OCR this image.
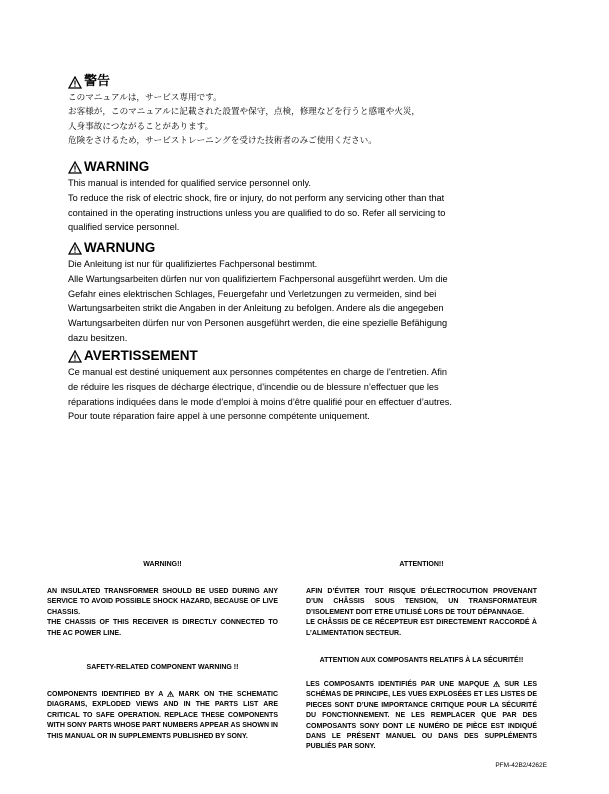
警告

このマニュアルは，サービス専用です。

お客様が，このマニュアルに記載された設置や保守，点検，修理などを行うと感電や火災，

人身事故につながることがあります。

危険をさけるため，サービストレーニングを受けた技術者のみご使用ください。

WARNING

This manual is intended for qualified service personnel only.

To reduce the risk of electric shock, fire or injury, do not perform any servicing other than that

contained in the operating instructions unless you are qualified to do so. Refer all servicing to

qualified service personnel.

WARNUNG

Die Anleitung ist nur für qualifiziertes Fachpersonal bestimmt.

Alle Wartungsarbeiten dürfen nur von qualifiziertem Fachpersonal ausgeführt werden. Um die

Gefahr eines elektrischen Schlages, Feuergefahr und Verletzungen zu vermeiden, sind bei

Wartungsarbeiten strikt die Angaben in der Anleitung zu befolgen. Andere als die angegeben

Wartungsarbeiten dürfen nur von Personen ausgeführt werden, die eine spezielle Befähigung

dazu besitzen.

AVERTISSEMENT

Ce manual est destiné uniquement aux personnes compétentes en charge de l’entretien. Afin

de réduire les risques de décharge électrique, d’incendie ou de blessure n’effectuer que les

réparations indiquées dans le mode d’emploi à moins d’être qualifié pour en effectuer d’autres.

Pour toute réparation faire appel à une personne compétente uniquement.

WARNING!!

AN INSULATED TRANSFORMER SHOULD BE USED DURING ANY SERVICE TO AVOID POSSIBLE SHOCK HAZARD, BECAUSE OF LIVE CHASSIS.

THE CHASSIS OF THIS RECEIVER IS DIRECTLY CONNECTED TO THE AC POWER LINE.

SAFETY-RELATED COMPONENT WARNING !!

COMPONENTS IDENTIFIED BY A MARK ON THE SCHEMATIC DIAGRAMS, EXPLODED VIEWS AND IN THE PARTS LIST ARE CRITICAL TO SAFE OPERATION. REPLACE THESE COMPONENTS WITH SONY PARTS WHOSE PART NUMBERS APPEAR AS SHOWN IN THIS MANUAL OR IN SUPPLEMENTS PUBLISHED BY SONY.

ATTENTION!!

AFIN D’ÉVITER TOUT RISQUE D’ÉLECTROCUTION PROVENANT D’UN CHÂSSIS SOUS TENSION, UN TRANSFORMATEUR D’ISOLEMENT DOIT ETRE UTILISÉ LORS DE TOUT DÉPANNAGE.

LE CHÂSSIS DE CE RÉCEPTEUR EST DIRECTEMENT RACCORDÉ À L’ALIMENTATION SECTEUR.

ATTENTION AUX COMPOSANTS RELATIFS À LA SÉCURITÉ!!

LES COMPOSANTS IDENTIFIÉS PAR UNE MAPQUE SUR LES SCHÉMAS DE PRINCIPE, LES VUES EXPLOSÉES ET LES LISTES DE PIECES SONT D’UNE IMPORTANCE CRITIQUE POUR LA SÉCURITÉ DU FONCTIONNEMENT. NE LES REMPLACER QUE PAR DES COMPOSANTS SONY DONT LE NUMÉRO DE PIÈCE EST INDIQUÉ DANS LE PRÉSENT MANUEL OU DANS DES SUPPLÉMENTS PUBLIÉS PAR SONY.

PFM-42B2/4262E
